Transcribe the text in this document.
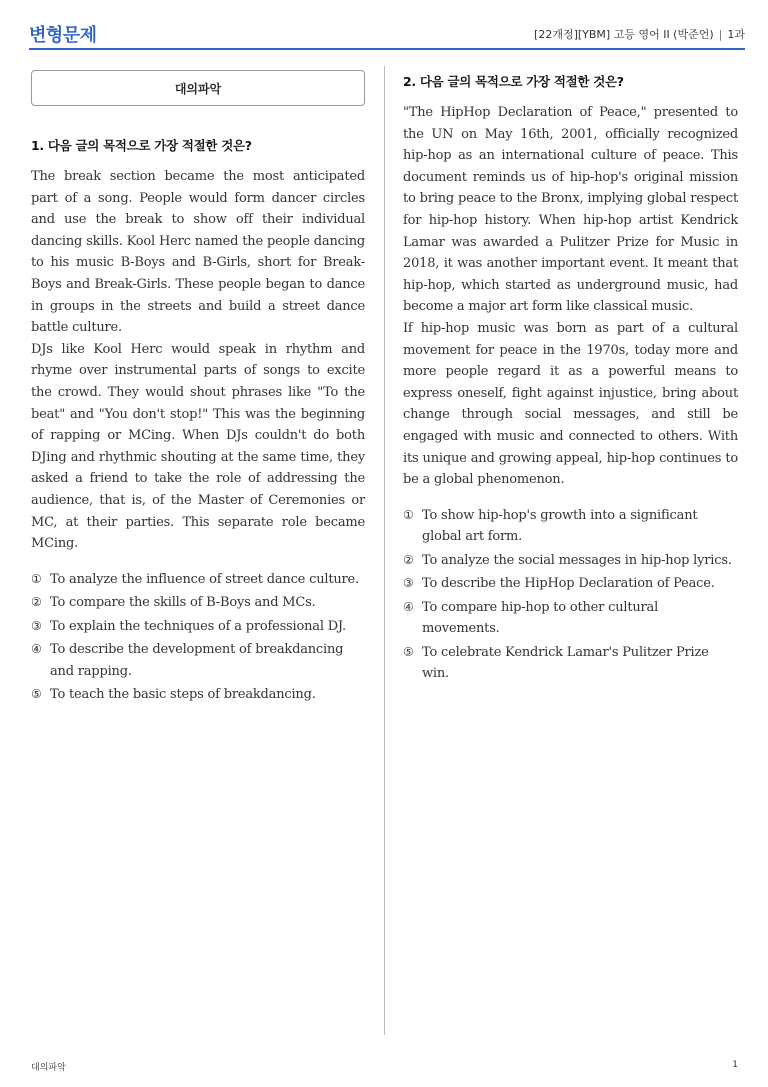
변형문제	[22개정][YBM] 고등 영어 II (박준언) | 1과
대의파악
1. 다음 글의 목적으로 가장 적절한 것은?

The break section became the most anticipated part of a song. People would form dancer circles and use the break to show off their individual dancing skills. Kool Herc named the people dancing to his music B-Boys and B-Girls, short for Break-Boys and Break-Girls. These people began to dance in groups in the streets and build a street dance battle culture.

DJs like Kool Herc would speak in rhythm and rhyme over instrumental parts of songs to excite the crowd. They would shout phrases like "To the beat" and "You don't stop!" This was the beginning of rapping or MCing. When DJs couldn't do both DJing and rhythmic shouting at the same time, they asked a friend to take the role of addressing the audience, that is, of the Master of Ceremonies or MC, at their parties. This separate role became MCing.

① To analyze the influence of street dance culture.
② To compare the skills of B-Boys and MCs.
③ To explain the techniques of a professional DJ.
④ To describe the development of breakdancing and rapping.
⑤ To teach the basic steps of breakdancing.
2. 다음 글의 목적으로 가장 적절한 것은?

"The HipHop Declaration of Peace," presented to the UN on May 16th, 2001, officially recognized hip-hop as an international culture of peace. This document reminds us of hip-hop's original mission to bring peace to the Bronx, implying global respect for hip-hop history. When hip-hop artist Kendrick Lamar was awarded a Pulitzer Prize for Music in 2018, it was another important event. It meant that hip-hop, which started as underground music, had become a major art form like classical music.

If hip-hop music was born as part of a cultural movement for peace in the 1970s, today more and more people regard it as a powerful means to express oneself, fight against injustice, bring about change through social messages, and still be engaged with music and connected to others. With its unique and growing appeal, hip-hop continues to be a global phenomenon.

① To show hip-hop's growth into a significant global art form.
② To analyze the social messages in hip-hop lyrics.
③ To describe the HipHop Declaration of Peace.
④ To compare hip-hop to other cultural movements.
⑤ To celebrate Kendrick Lamar's Pulitzer Prize win.
대의파악	1
